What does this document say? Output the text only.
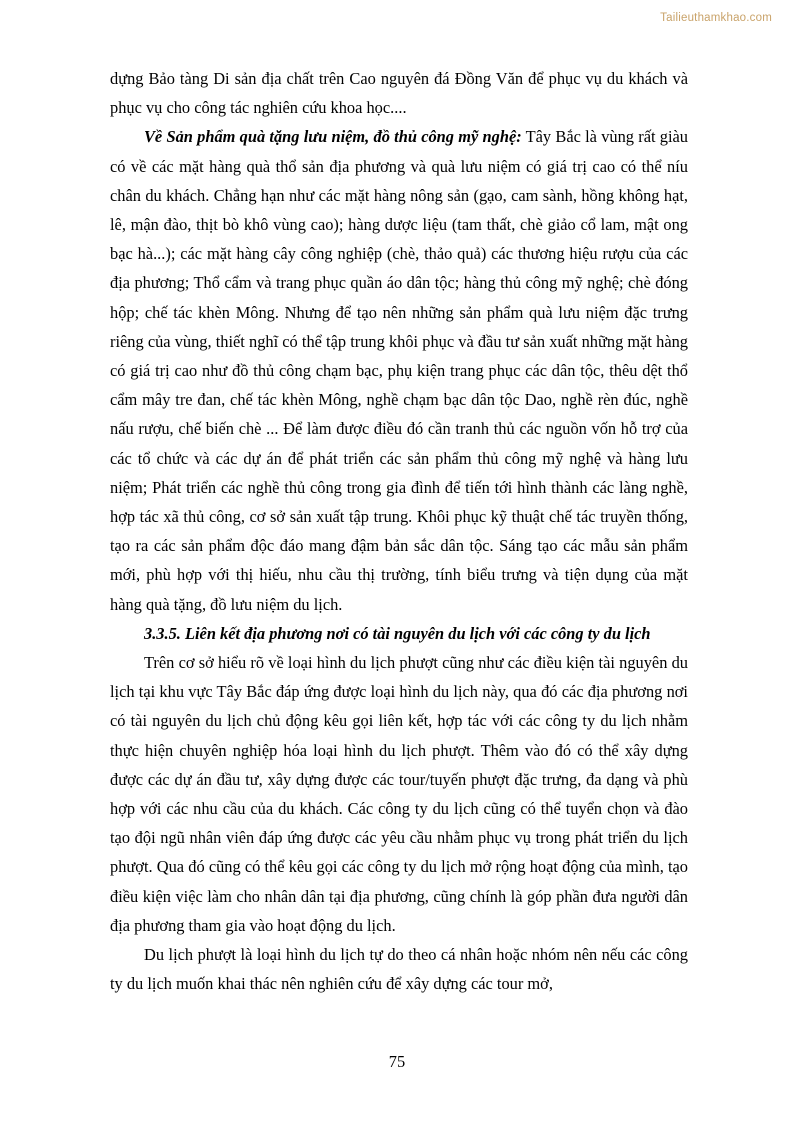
Tailieuthamkhao.com

dựng Bảo tàng Di sản địa chất trên Cao nguyên đá Đồng Văn để phục vụ du khách và phục vụ cho công tác nghiên cứu khoa học....

Về Sản phẩm quà tặng lưu niệm, đồ thủ công mỹ nghệ: Tây Bắc là vùng rất giàu có về các mặt hàng quà thổ sản địa phương và quà lưu niệm có giá trị cao có thể níu chân du khách. Chẳng hạn như các mặt hàng nông sản (gạo, cam sành, hồng không hạt, lê, mận đào, thịt bò khô vùng cao); hàng dược liệu (tam thất, chè giảo cổ lam, mật ong bạc hà...); các mặt hàng cây công nghiệp (chè, thảo quả) các thương hiệu rượu của các địa phương; Thổ cẩm và trang phục quần áo dân tộc; hàng thủ công mỹ nghệ; chè đóng hộp; chế tác khèn Mông. Nhưng để tạo nên những sản phẩm quà lưu niệm đặc trưng riêng của vùng, thiết nghĩ có thể tập trung khôi phục và đầu tư sản xuất những mặt hàng có giá trị cao như đồ thủ công chạm bạc, phụ kiện trang phục các dân tộc, thêu dệt thổ cẩm mây tre đan, chế tác khèn Mông, nghề chạm bạc dân tộc Dao, nghề rèn đúc, nghề nấu rượu, chế biến chè ... Để làm được điều đó cần tranh thủ các nguồn vốn hỗ trợ của các tổ chức và các dự án để phát triển các sản phẩm thủ công mỹ nghệ và hàng lưu niệm; Phát triển các nghề thủ công trong gia đình để tiến tới hình thành các làng nghề, hợp tác xã thủ công, cơ sở sản xuất tập trung. Khôi phục kỹ thuật chế tác truyền thống, tạo ra các sản phẩm độc đáo mang đậm bản sắc dân tộc. Sáng tạo các mẫu sản phẩm mới, phù hợp với thị hiếu, nhu cầu thị trường, tính biểu trưng và tiện dụng của mặt hàng quà tặng, đồ lưu niệm du lịch.

3.3.5. Liên kết địa phương nơi có tài nguyên du lịch với các công ty du lịch

Trên cơ sở hiểu rõ về loại hình du lịch phượt cũng như các điều kiện tài nguyên du lịch tại khu vực Tây Bắc đáp ứng được loại hình du lịch này, qua đó các địa phương nơi có tài nguyên du lịch chủ động kêu gọi liên kết, hợp tác với các công ty du lịch nhằm thực hiện chuyên nghiệp hóa loại hình du lịch phượt. Thêm vào đó có thể xây dựng được các dự án đầu tư, xây dựng được các tour/tuyến phượt đặc trưng, đa dạng và phù hợp với các nhu cầu của du khách. Các công ty du lịch cũng có thể tuyển chọn và đào tạo đội ngũ nhân viên đáp ứng được các yêu cầu nhằm phục vụ trong phát triển du lịch phượt. Qua đó cũng có thể kêu gọi các công ty du lịch mở rộng hoạt động của mình, tạo điều kiện việc làm cho nhân dân tại địa phương, cũng chính là góp phần đưa người dân địa phương tham gia vào hoạt động du lịch.

Du lịch phượt là loại hình du lịch tự do theo cá nhân hoặc nhóm nên nếu các công ty du lịch muốn khai thác nên nghiên cứu để xây dựng các tour mở,

75
